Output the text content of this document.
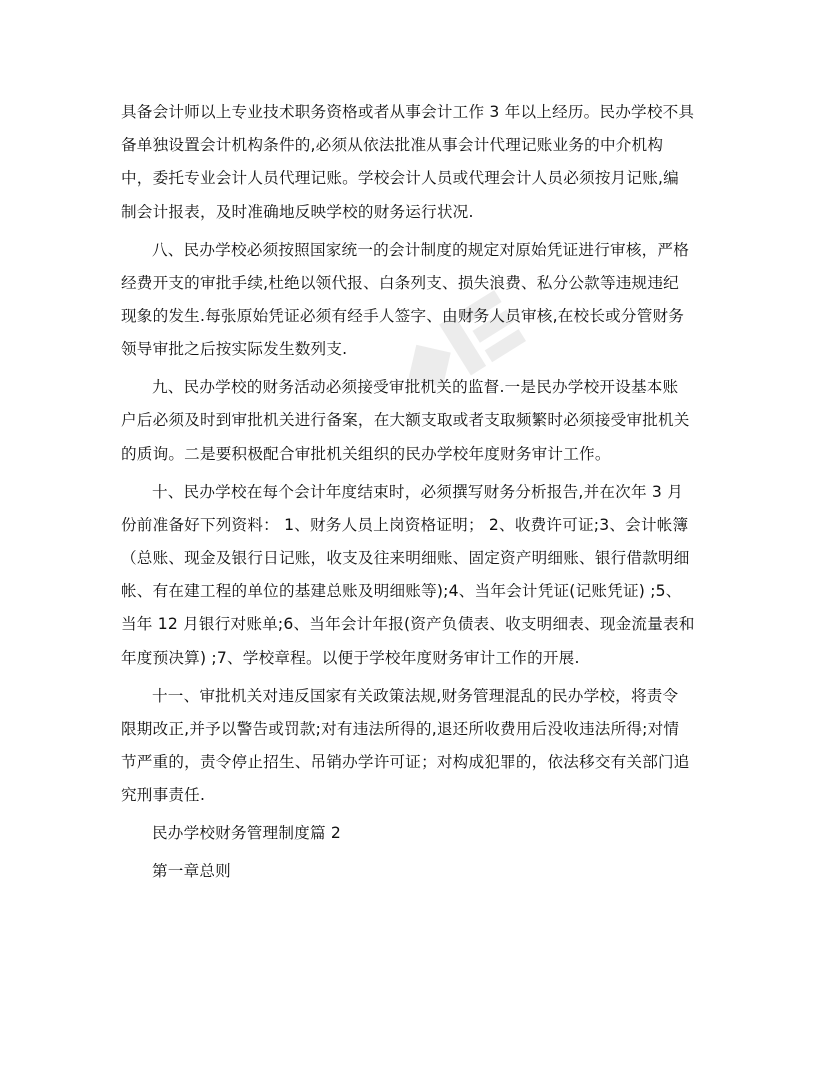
具备会计师以上专业技术职务资格或者从事会计工作 3 年以上经历。民办学校不具
备单独设置会计机构条件的,必须从依法批准从事会计代理记账业务的中介机构
中，委托专业会计人员代理记账。学校会计人员或代理会计人员必须按月记账,编
制会计报表，及时准确地反映学校的财务运行状况.

八、民办学校必须按照国家统一的会计制度的规定对原始凭证进行审核，严格
经费开支的审批手续,杜绝以领代报、白条列支、损失浪费、私分公款等违规违纪
现象的发生.每张原始凭证必须有经手人签字、由财务人员审核,在校长或分管财务
领导审批之后按实际发生数列支.

九、民办学校的财务活动必须接受审批机关的监督.一是民办学校开设基本账
户后必须及时到审批机关进行备案，在大额支取或者支取频繁时必须接受审批机关
的质询。二是要积极配合审批机关组织的民办学校年度财务审计工作。

十、民办学校在每个会计年度结束时，必须撰写财务分析报告,并在次年 3 月
份前准备好下列资料： 1、财务人员上岗资格证明； 2、收费许可证;3、会计帐簿
（总账、现金及银行日记账，收支及往来明细账、固定资产明细账、银行借款明细
帐、有在建工程的单位的基建总账及明细账等);4、当年会计凭证(记账凭证) ;5、
当年 12 月银行对账单;6、当年会计年报(资产负债表、收支明细表、现金流量表和
年度预决算) ;7、学校章程。以便于学校年度财务审计工作的开展.

十一、审批机关对违反国家有关政策法规,财务管理混乱的民办学校，将责令
限期改正,并予以警告或罚款;对有违法所得的,退还所收费用后没收违法所得;对情
节严重的，责令停止招生、吊销办学许可证；对构成犯罪的，依法移交有关部门追
究刑事责任.

民办学校财务管理制度篇 2

第一章总则
